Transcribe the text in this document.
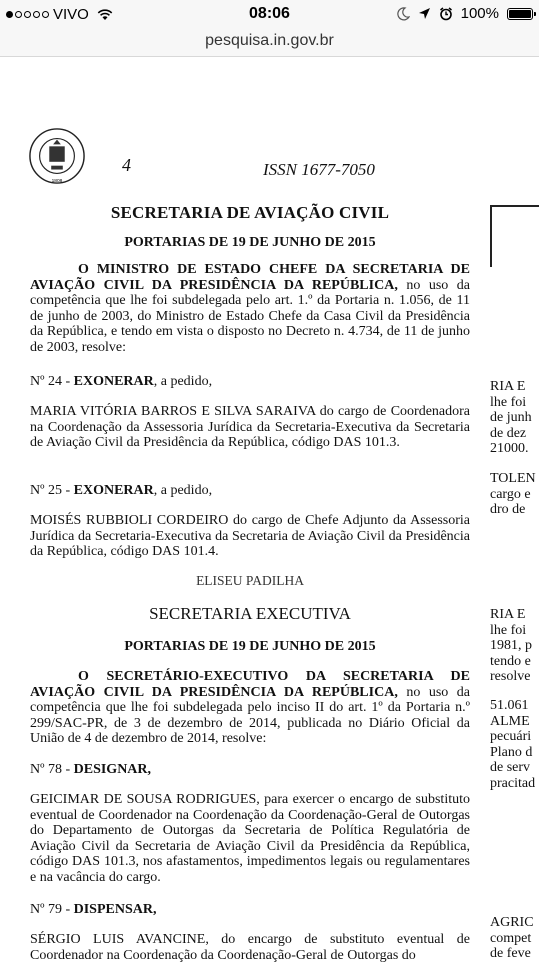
VIVO	08:06	100%
pesquisa.in.gov.br
1808
4	ISSN 1677-7050
SECRETARIA DE AVIAÇÃO CIVIL
PORTARIAS DE 19 DE JUNHO DE 2015
O MINISTRO DE ESTADO CHEFE DA SECRETARIA DE AVIAÇÃO CIVIL DA PRESIDÊNCIA DA REPÚBLICA, no uso da competência que lhe foi subdelegada pelo art. 1.º da Portaria n. 1.056, de 11 de junho de 2003, do Ministro de Estado Chefe da Casa Civil da Presidência da República, e tendo em vista o disposto no Decreto n. 4.734, de 11 de junho de 2003, resolve:
Nº 24 - EXONERAR, a pedido,
MARIA VITÓRIA BARROS E SILVA SARAIVA do cargo de Coordenadora na Coordenação da Assessoria Jurídica da Secretaria-Executiva da Secretaria de Aviação Civil da Presidência da República, código DAS 101.3.
Nº 25 - EXONERAR, a pedido,
MOISÉS RUBBIOLI CORDEIRO do cargo de Chefe Adjunto da Assessoria Jurídica da Secretaria-Executiva da Secretaria de Aviação Civil da Presidência da República, código DAS 101.4.
ELISEU PADILHA
SECRETARIA EXECUTIVA
PORTARIAS DE 19 DE JUNHO DE 2015
O SECRETÁRIO-EXECUTIVO DA SECRETARIA DE AVIAÇÃO CIVIL DA PRESIDÊNCIA DA REPÚBLICA, no uso da competência que lhe foi subdelegada pelo inciso II do art. 1º da Portaria n.º 299/SAC-PR, de 3 de dezembro de 2014, publicada no Diário Oficial da União de 4 de dezembro de 2014, resolve:
Nº 78 - DESIGNAR,
GEICIMAR DE SOUSA RODRIGUES, para exercer o encargo de substituto eventual de Coordenador na Coordenação da Coordenação-Geral de Outorgas do Departamento de Outorgas da Secretaria de Política Regulatória de Aviação Civil da Secretaria de Aviação Civil da Presidência da República, código DAS 101.3, nos afastamentos, impedimentos legais ou regulamentares e na vacância do cargo.
Nº 79 - DISPENSAR,
SÉRGIO LUIS AVANCINE, do encargo de substituto eventual de Coordenador na Coordenação da Coordenação-Geral de Outorgas do
RIA E
lhe foi
de junh
de dez
21000.
TOLEN
cargo e
dro de
RIA E
lhe foi
1981, p
tendo e
resolve
51.061
ALME
pecuári
Plano d
de serv
pracitad
AGRIC
compet
de feve
